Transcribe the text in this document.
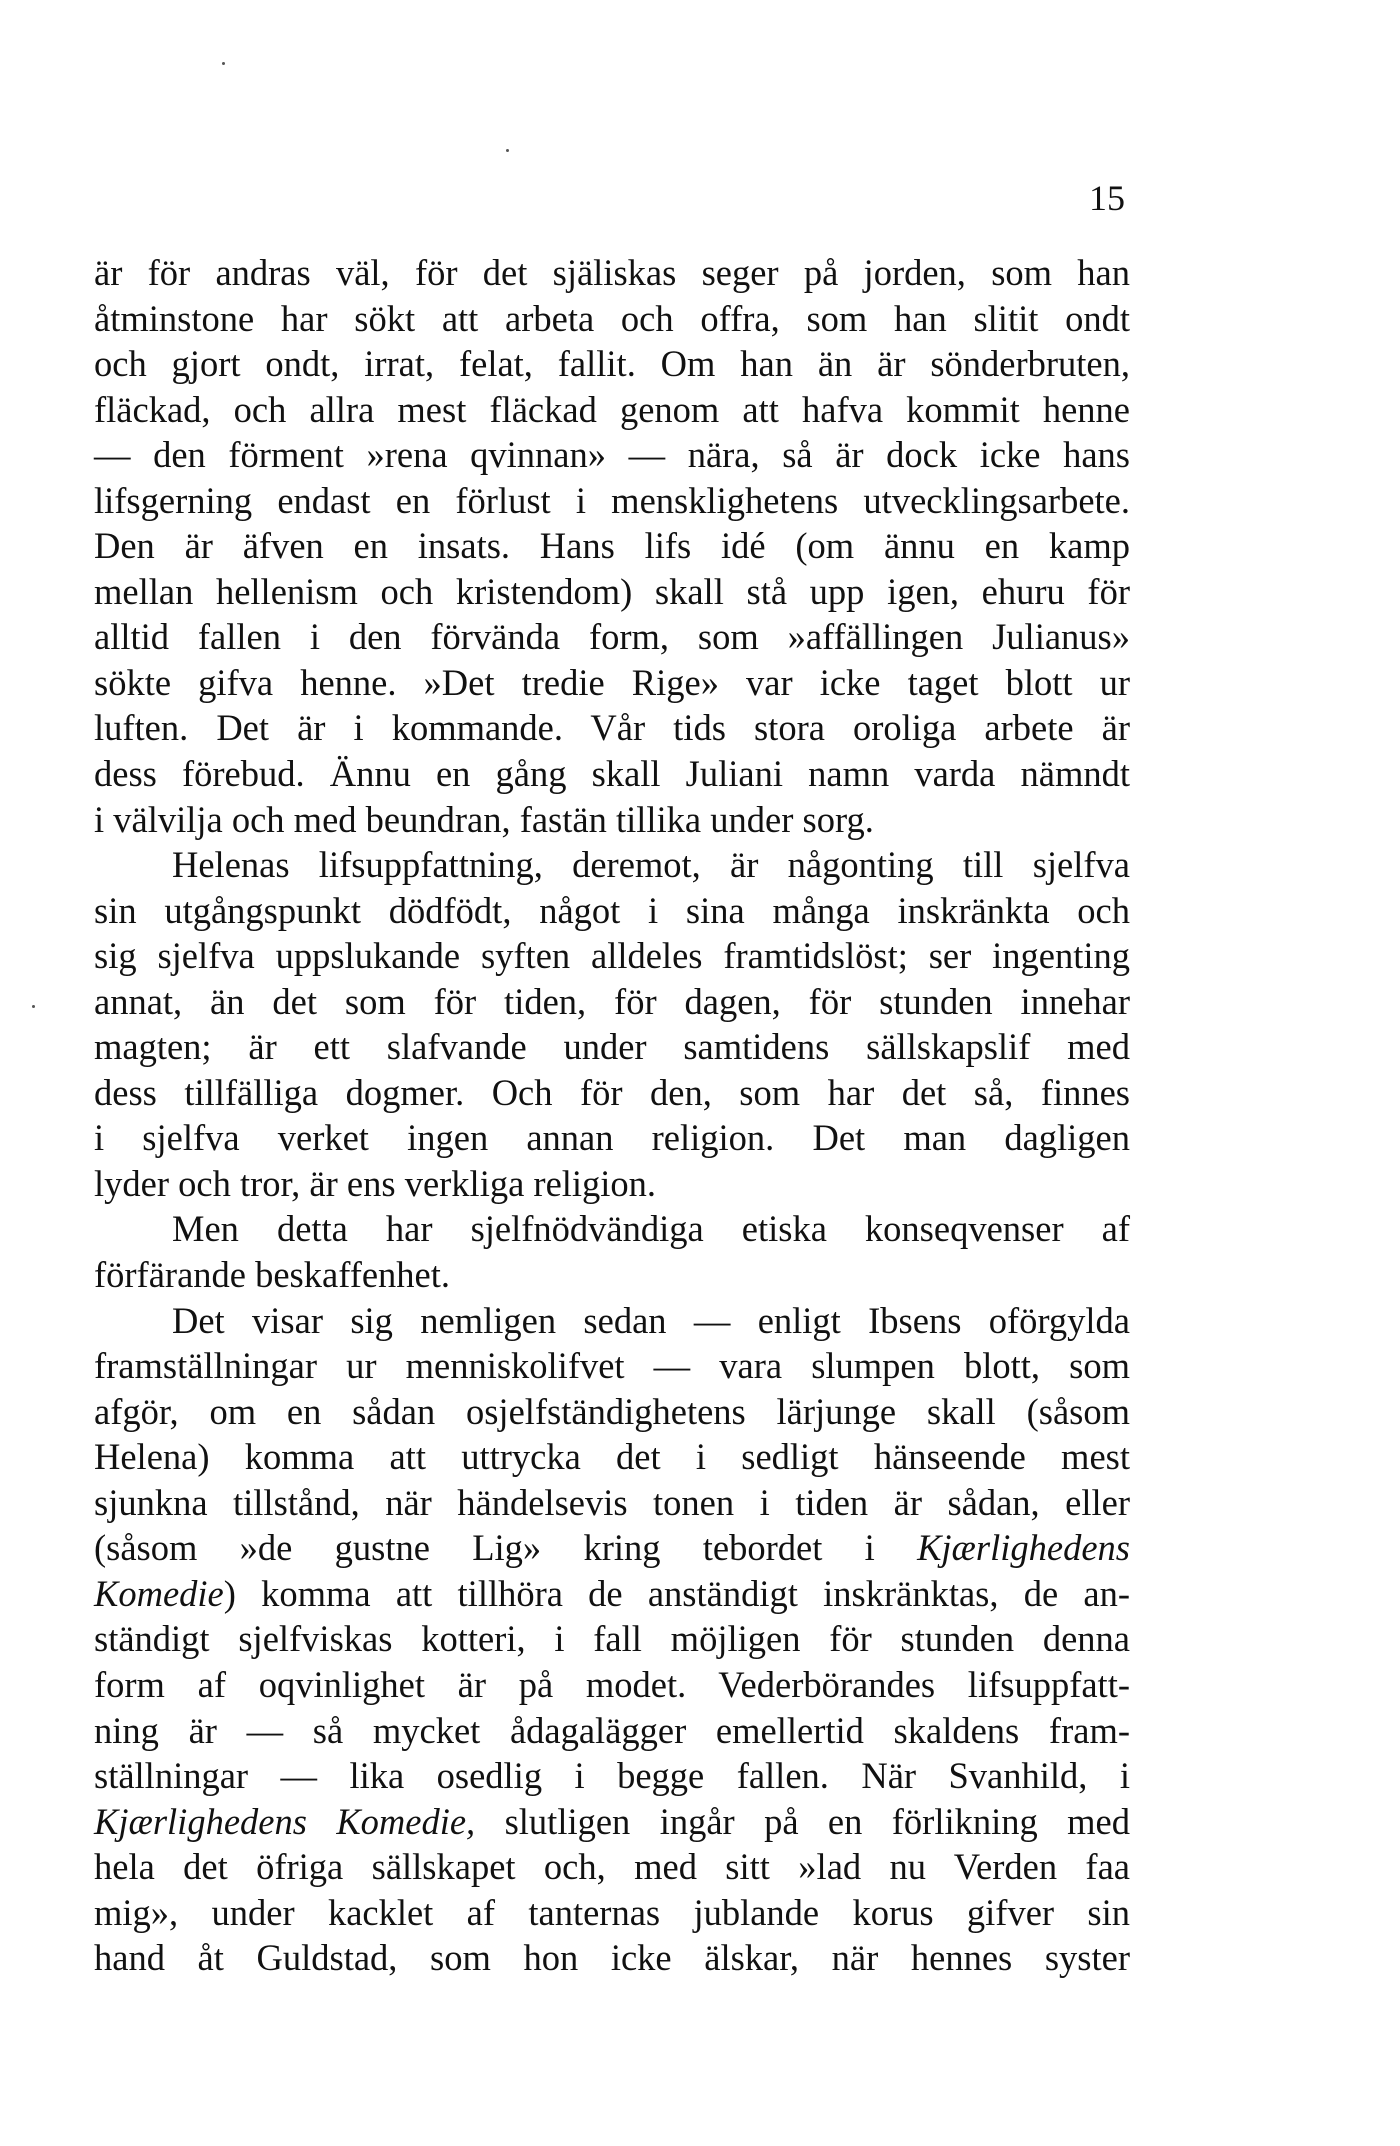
15
är för andras väl, för det själiskas seger på jorden, som han
åtminstone har sökt att arbeta och offra, som han slitit ondt
och gjort ondt, irrat, felat, fallit. Om han än är sönderbruten,
fläckad, och allra mest fläckad genom att hafva kommit henne
— den förment »rena qvinnan» — nära, så är dock icke hans
lifsgerning endast en förlust i mensklighetens utvecklingsarbete.
Den är äfven en insats. Hans lifs idé (om ännu en kamp
mellan hellenism och kristendom) skall stå upp igen, ehuru för
alltid fallen i den förvända form, som »affällingen Julianus»
sökte gifva henne. »Det tredie Rige» var icke taget blott ur
luften. Det är i kommande. Vår tids stora oroliga arbete är
dess förebud. Ännu en gång skall Juliani namn varda nämndt
i välvilja och med beundran, fastän tillika under sorg.
Helenas lifsuppfattning, deremot, är någonting till sjelfva
sin utgångspunkt dödfödt, något i sina många inskränkta och
sig sjelfva uppslukande syften alldeles framtidslöst; ser ingenting
annat, än det som för tiden, för dagen, för stunden innehar
magten; är ett slafvande under samtidens sällskapslif med
dess tillfälliga dogmer. Och för den, som har det så, finnes
i sjelfva verket ingen annan religion. Det man dagligen
lyder och tror, är ens verkliga religion.
Men detta har sjelfnödvändiga etiska konseqvenser af
förfärande beskaffenhet.
Det visar sig nemligen sedan — enligt Ibsens oförgylda
framställningar ur menniskolifvet — vara slumpen blott, som
afgör, om en sådan osjelfständighetens lärjunge skall (såsom
Helena) komma att uttrycka det i sedligt hänseende mest
sjunkna tillstånd, när händelsevis tonen i tiden är sådan, eller
(såsom »de gustne Lig» kring tebordet i Kjærlighedens
Komedie) komma att tillhöra de anständigt inskränktas, de an-
ständigt sjelfviskas kotteri, i fall möjligen för stunden denna
form af oqvinlighet är på modet. Vederbörandes lifsuppfatt-
ning är — så mycket ådagalägger emellertid skaldens fram-
ställningar — lika osedlig i begge fallen. När Svanhild, i
Kjærlighedens Komedie, slutligen ingår på en förlikning med
hela det öfriga sällskapet och, med sitt »lad nu Verden faa
mig», under kacklet af tanternas jublande korus gifver sin
hand åt Guldstad, som hon icke älskar, när hennes syster
